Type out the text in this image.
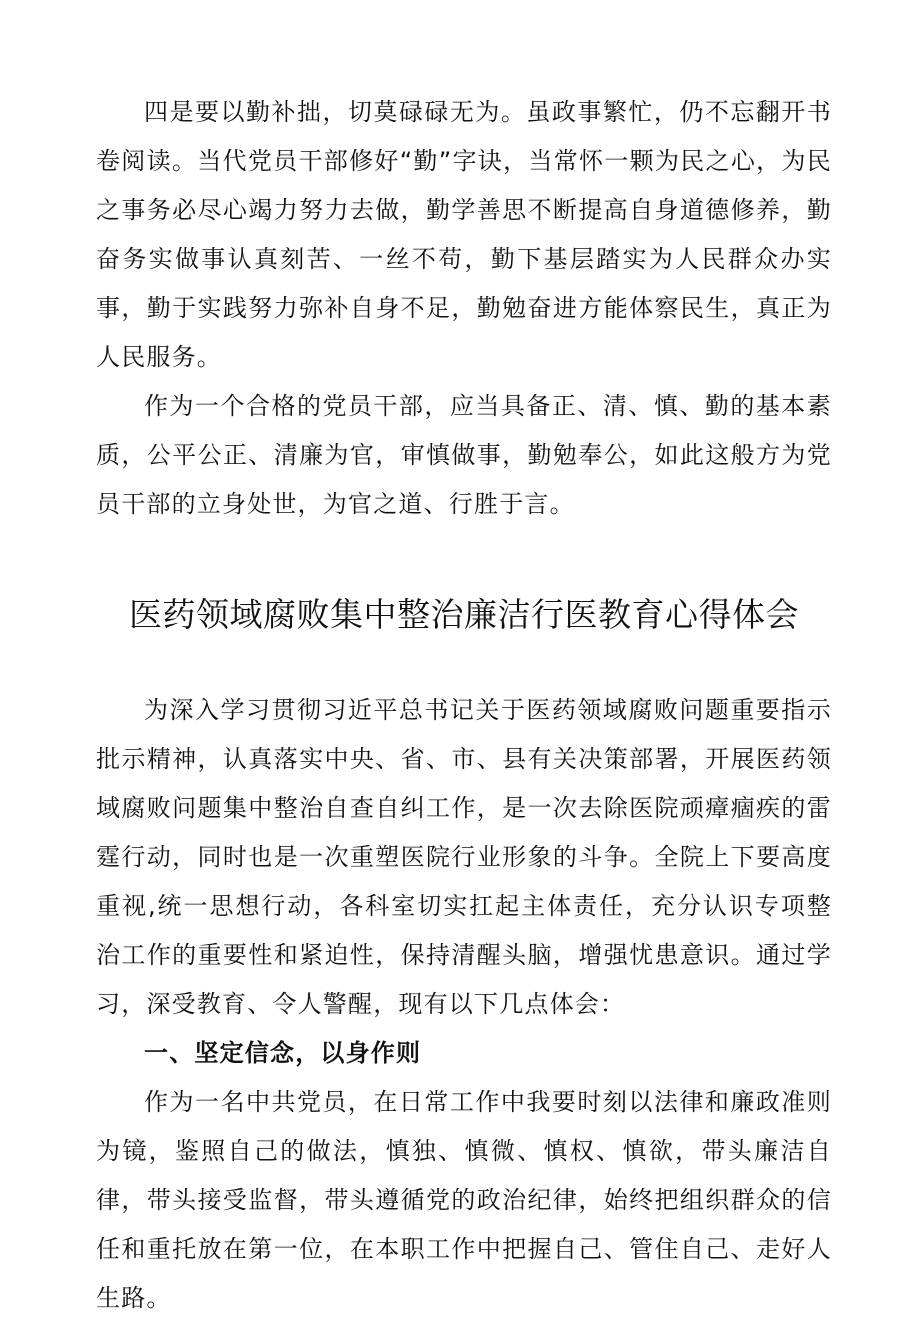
四是要以勤补拙，切莫碌碌无为。虽政事繁忙，仍不忘翻开书卷阅读。当代党员干部修好“勤”字诀，当常怀一颗为民之心，为民之事务必尽心竭力努力去做，勤学善思不断提高自身道德修养，勤奋务实做事认真刻苦、一丝不苟，勤下基层踏实为人民群众办实事，勤于实践努力弥补自身不足，勤勉奋进方能体察民生，真正为人民服务。

作为一个合格的党员干部，应当具备正、清、慎、勤的基本素质，公平公正、清廉为官，审慎做事，勤勉奉公，如此这般方为党员干部的立身处世，为官之道、行胜于言。

医药领域腐败集中整治廉洁行医教育心得体会

为深入学习贯彻习近平总书记关于医药领域腐败问题重要指示批示精神，认真落实中央、省、市、县有关决策部署，开展医药领域腐败问题集中整治自查自纠工作，是一次去除医院顽瘴痼疾的雷霆行动，同时也是一次重塑医院行业形象的斗争。全院上下要高度重视,统一思想行动，各科室切实扛起主体责任，充分认识专项整治工作的重要性和紧迫性，保持清醒头脑，增强忧患意识。通过学习，深受教育、令人警醒，现有以下几点体会：

一、坚定信念，以身作则

作为一名中共党员，在日常工作中我要时刻以法律和廉政准则为镜，鉴照自己的做法，慎独、慎微、慎权、慎欲，带头廉洁自律，带头接受监督，带头遵循党的政治纪律，始终把组织群众的信任和重托放在第一位，在本职工作中把握自己、管住自己、走好人生路。
